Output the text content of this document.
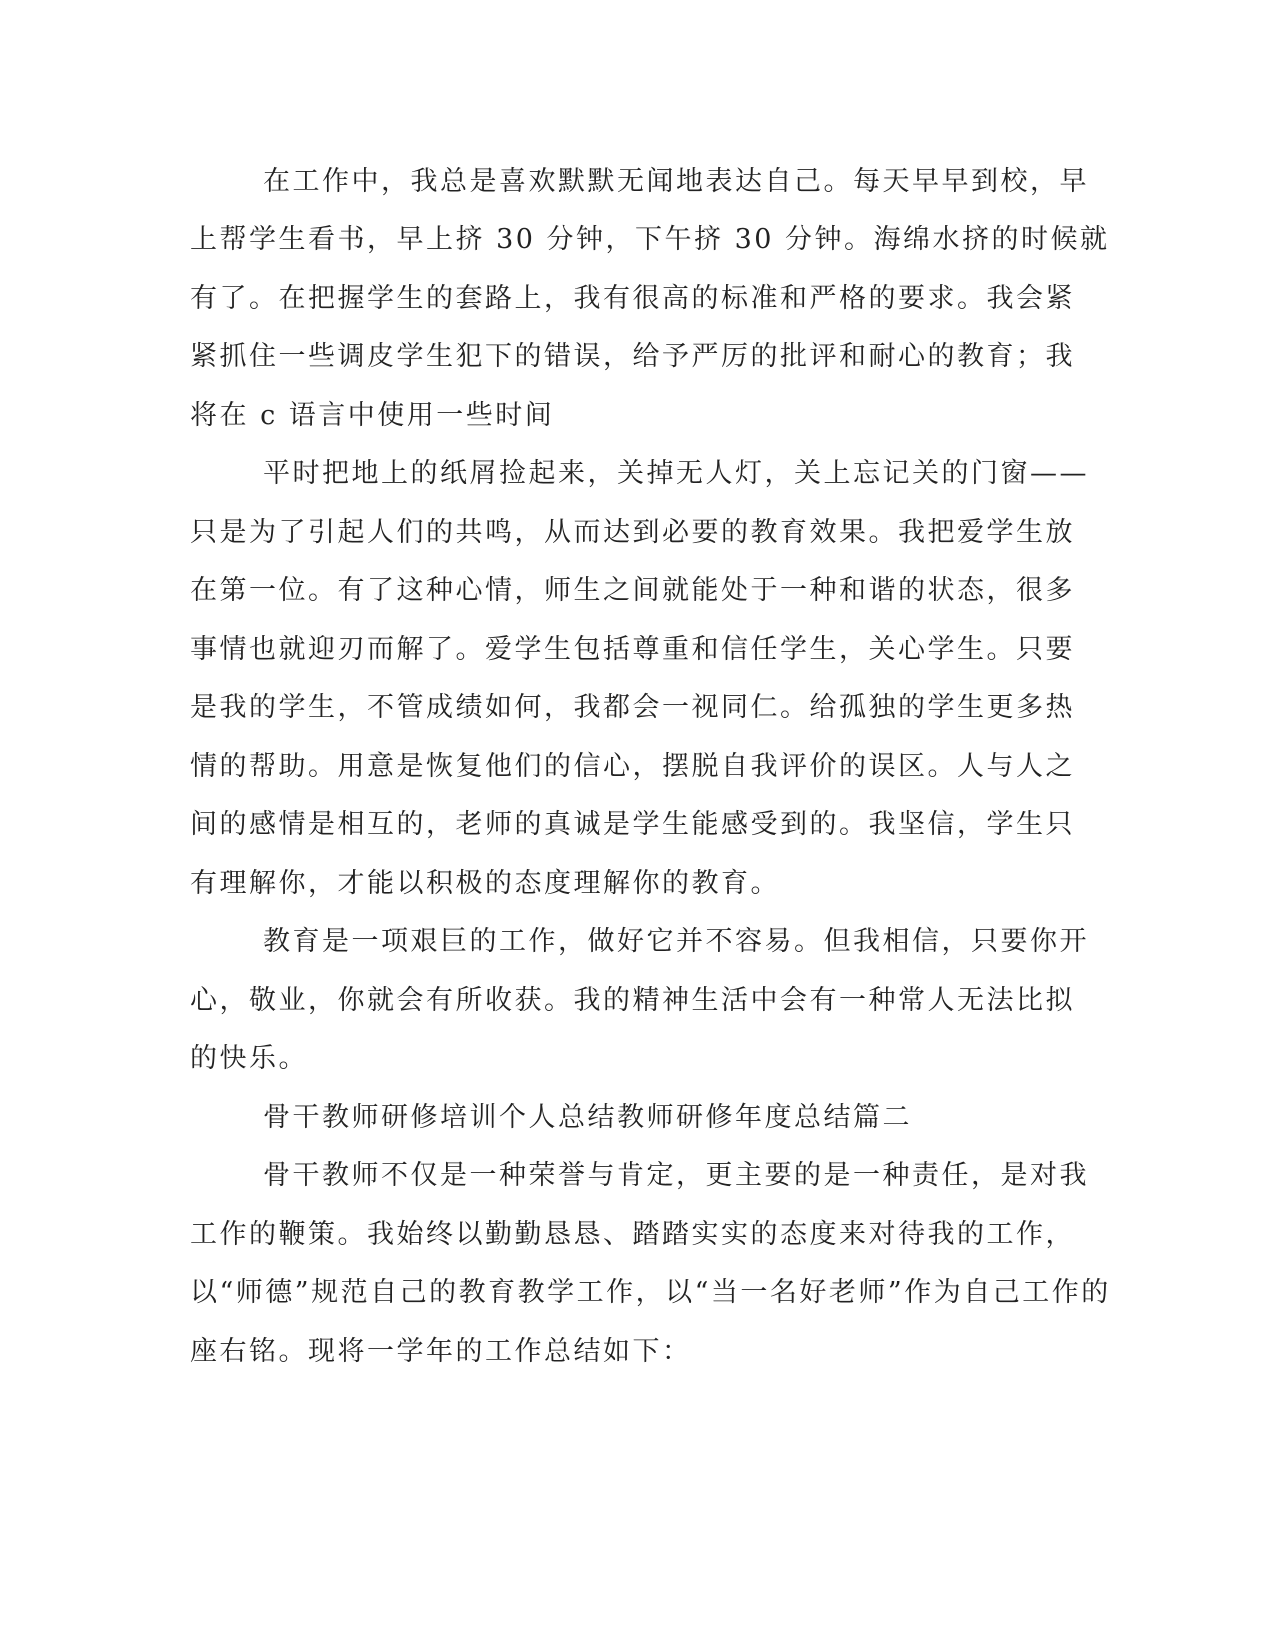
在工作中，我总是喜欢默默无闻地表达自己。每天早早到校，早
上帮学生看书，早上挤 30 分钟，下午挤 30 分钟。海绵水挤的时候就
有了。在把握学生的套路上，我有很高的标准和严格的要求。我会紧
紧抓住一些调皮学生犯下的错误，给予严厉的批评和耐心的教育；我
将在 c 语言中使用一些时间
平时把地上的纸屑捡起来，关掉无人灯，关上忘记关的门窗——
只是为了引起人们的共鸣，从而达到必要的教育效果。我把爱学生放
在第一位。有了这种心情，师生之间就能处于一种和谐的状态，很多
事情也就迎刃而解了。爱学生包括尊重和信任学生，关心学生。只要
是我的学生，不管成绩如何，我都会一视同仁。给孤独的学生更多热
情的帮助。用意是恢复他们的信心，摆脱自我评价的误区。人与人之
间的感情是相互的，老师的真诚是学生能感受到的。我坚信，学生只
有理解你，才能以积极的态度理解你的教育。
教育是一项艰巨的工作，做好它并不容易。但我相信，只要你开
心，敬业，你就会有所收获。我的精神生活中会有一种常人无法比拟
的快乐。
骨干教师研修培训个人总结教师研修年度总结篇二
骨干教师不仅是一种荣誉与肯定，更主要的是一种责任，是对我
工作的鞭策。我始终以勤勤恳恳、踏踏实实的态度来对待我的工作，
以“师德”规范自己的教育教学工作，以“当一名好老师”作为自己工作的
座右铭。现将一学年的工作总结如下：
